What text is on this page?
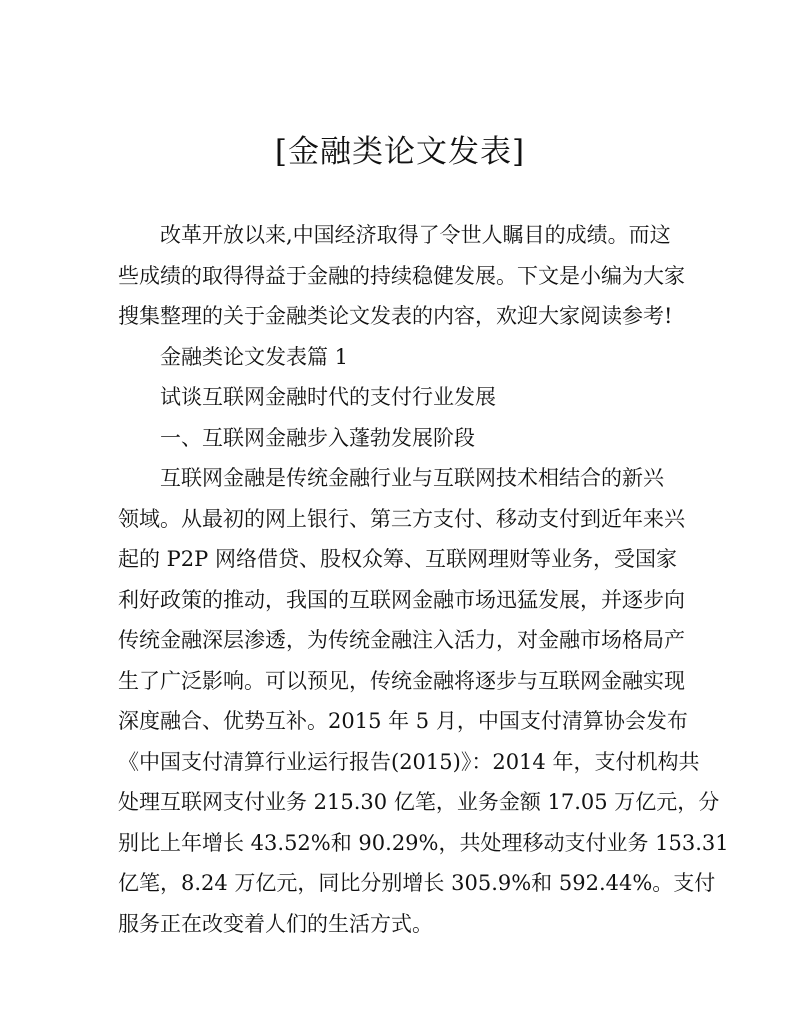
[金融类论文发表]

改革开放以来,中国经济取得了令世人瞩目的成绩。而这
些成绩的取得得益于金融的持续稳健发展。下文是小编为大家
搜集整理的关于金融类论文发表的内容，欢迎大家阅读参考!

金融类论文发表篇 1

试谈互联网金融时代的支付行业发展

一、互联网金融步入蓬勃发展阶段

互联网金融是传统金融行业与互联网技术相结合的新兴
领域。从最初的网上银行、第三方支付、移动支付到近年来兴
起的 P2P 网络借贷、股权众筹、互联网理财等业务，受国家
利好政策的推动，我国的互联网金融市场迅猛发展，并逐步向
传统金融深层渗透，为传统金融注入活力，对金融市场格局产
生了广泛影响。可以预见，传统金融将逐步与互联网金融实现
深度融合、优势互补。2015 年 5 月，中国支付清算协会发布
《中国支付清算行业运行报告(2015)》：2014 年，支付机构共
处理互联网支付业务 215.30 亿笔，业务金额 17.05 万亿元，分
别比上年增长 43.52%和 90.29%，共处理移动支付业务 153.31
亿笔，8.24 万亿元，同比分别增长 305.9%和 592.44%。支付
服务正在改变着人们的生活方式。
